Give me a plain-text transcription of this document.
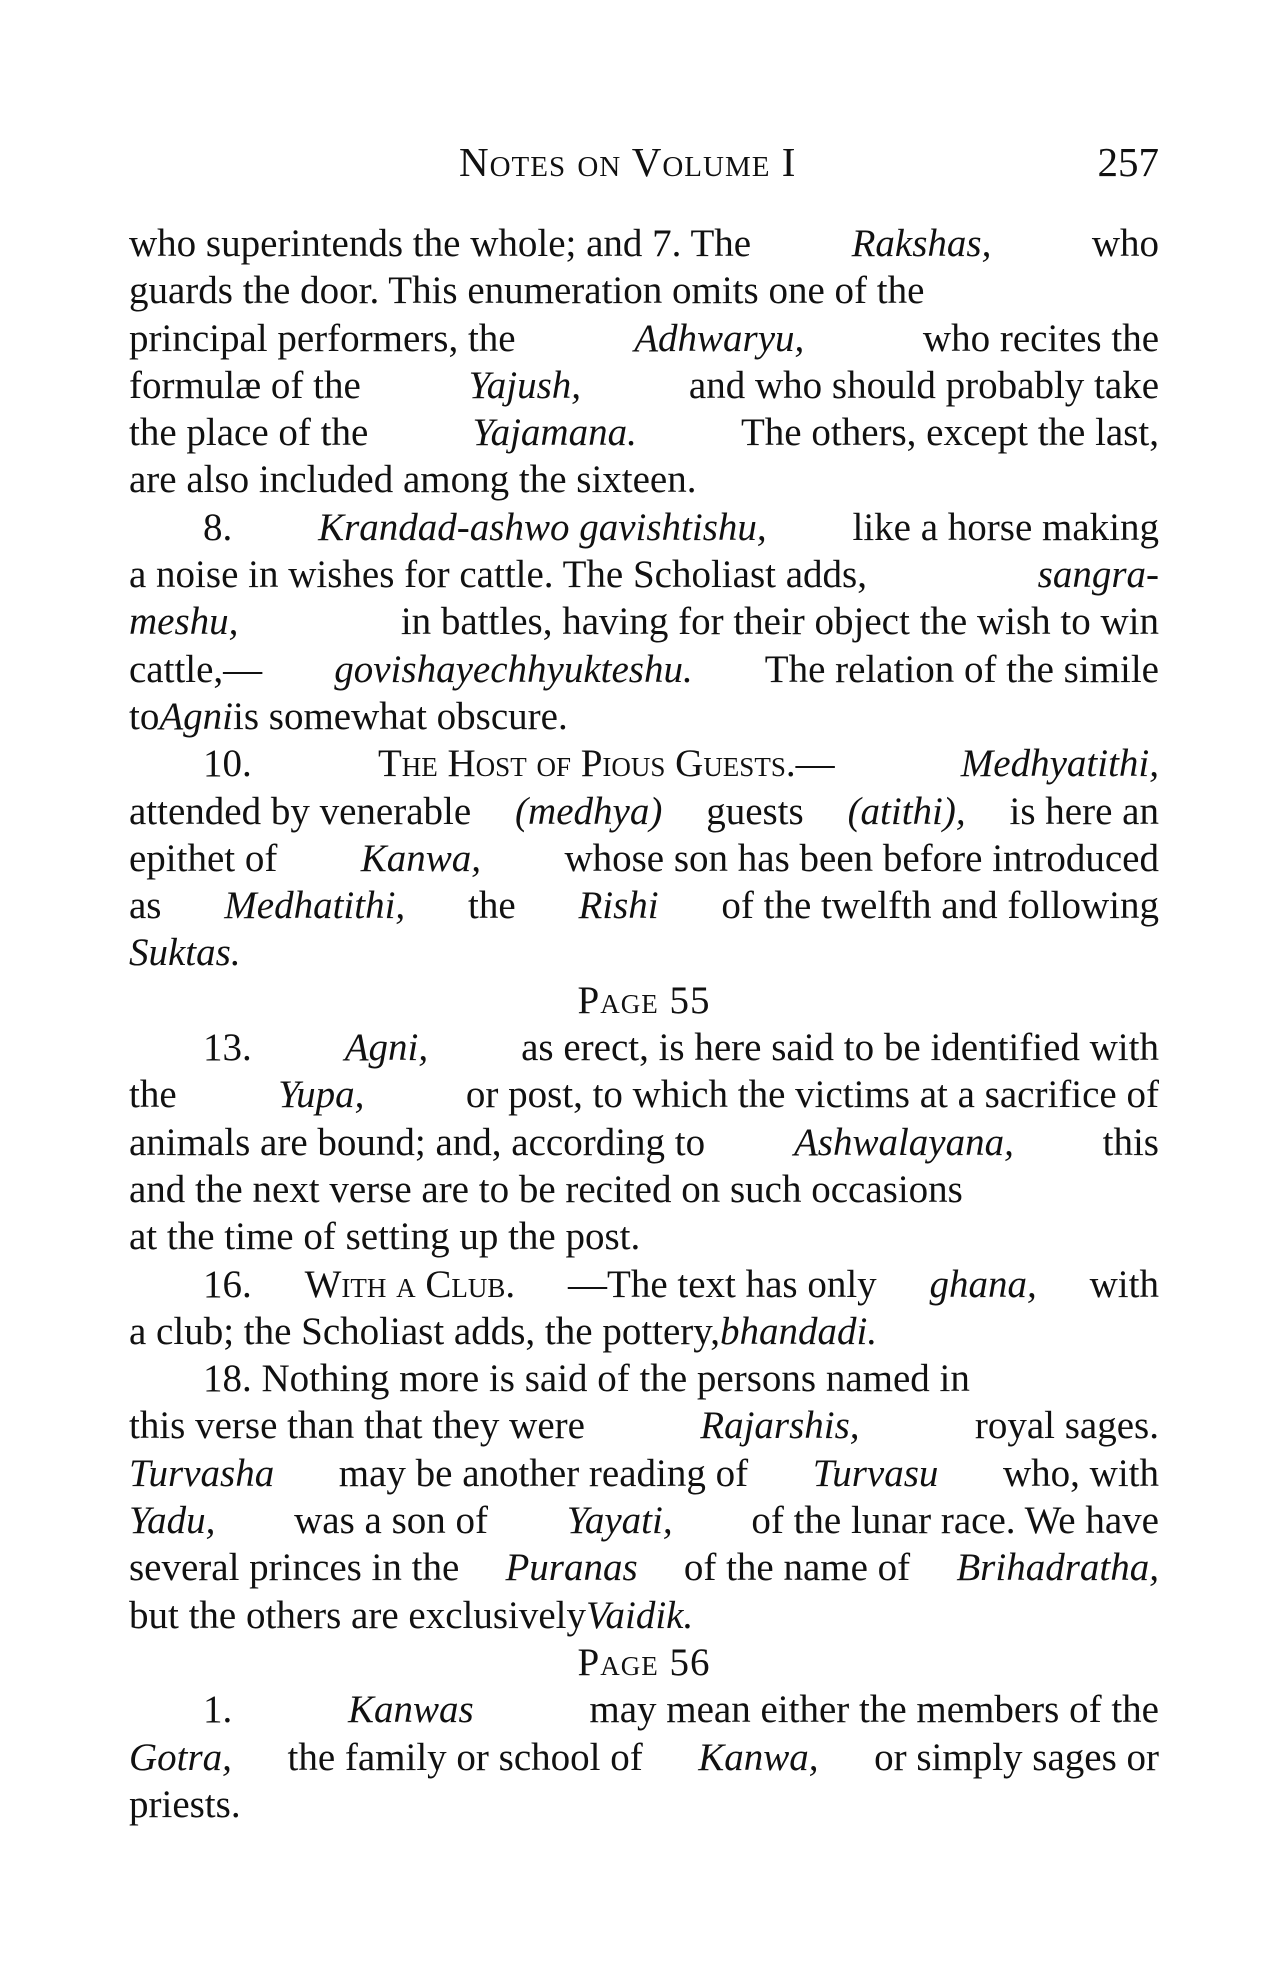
Notes on Volume I	257
who superintends the whole; and 7. The	Rakshas,	who
guards the door. This enumeration omits one of the
principal performers, the	Adhwaryu,	who recites the
formulæ of the	Yajush,	and who should probably take
the place of the	Yajamana.	The others, except the last,
are also included among the sixteen.
8. Krandad-ashwo gavishtishu, like a horse making
a noise in wishes for cattle. The Scholiast adds,	sangra-
meshu,	in battles, having for their object the wish to win
cattle,— govishayechhyukteshu. The relation of the simile
to Agni is somewhat obscure.
10.	The Host of Pious Guests.—	Medhyatithi,
attended by venerable (medhya) guests (atithi), is here an
epithet of Kanwa, whose son has been before introduced
as Medhatithi, the Rishi of the twelfth and following
Suktas.
Page 55
13. Agni, as erect, is here said to be identified with
the	Yupa,	or post, to which the victims at a sacrifice of
animals are bound; and, according to Ashwalayana, this
and the next verse are to be recited on such occasions
at the time of setting up the post.
16. With a Club. —The text has only ghana, with
a club; the Scholiast adds, the pottery, bhandadi.
18. Nothing more is said of the persons named in
this verse than that they were	Rajarshis,	royal sages.
Turvasha may be another reading of Turvasu who, with
Yadu, was a son of Yayati, of the lunar race. We have
several princes in the Puranas of the name of Brihadratha,
but the others are exclusively Vaidik.
Page 56
1.	Kanwas	may mean either the members of the
Gotra, the family or school of Kanwa, or simply sages or
priests.
